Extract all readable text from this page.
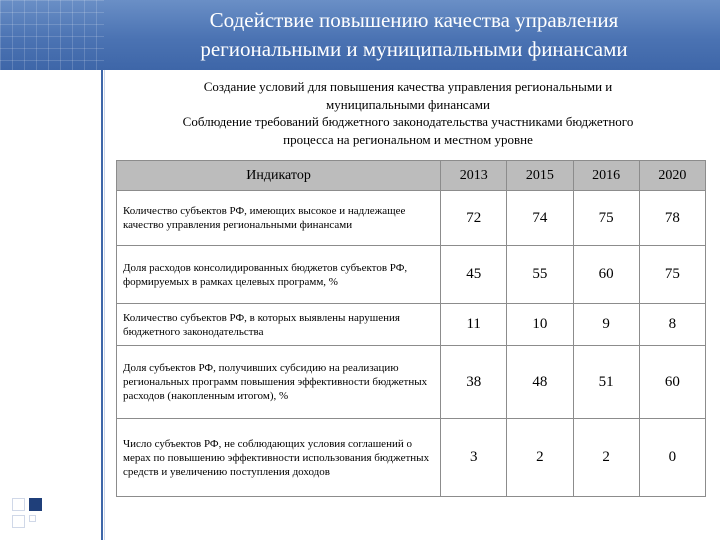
Содействие повышению качества управления
региональными и муниципальными финансами
Создание условий для повышения качества управления региональными и
муниципальными финансами
Соблюдение требований бюджетного законодательства участниками бюджетного
процесса на региональном и местном уровне
Индикатор	2013	2015	2016	2020
Количество субъектов РФ, имеющих высокое и надлежащее качество управления региональными финансами	72	74	75	78
Доля расходов консолидированных бюджетов субъектов РФ, формируемых в рамках целевых программ, %	45	55	60	75
Количество субъектов РФ, в которых выявлены нарушения бюджетного законодательства	11	10	9	8
Доля субъектов РФ, получивших субсидию на реализацию региональных программ повышения эффективности бюджетных расходов (накопленным итогом), %	38	48	51	60
Число субъектов РФ, не соблюдающих условия соглашений о мерах по повышению эффективности использования бюджетных средств и увеличению поступления доходов	3	2	2	0
